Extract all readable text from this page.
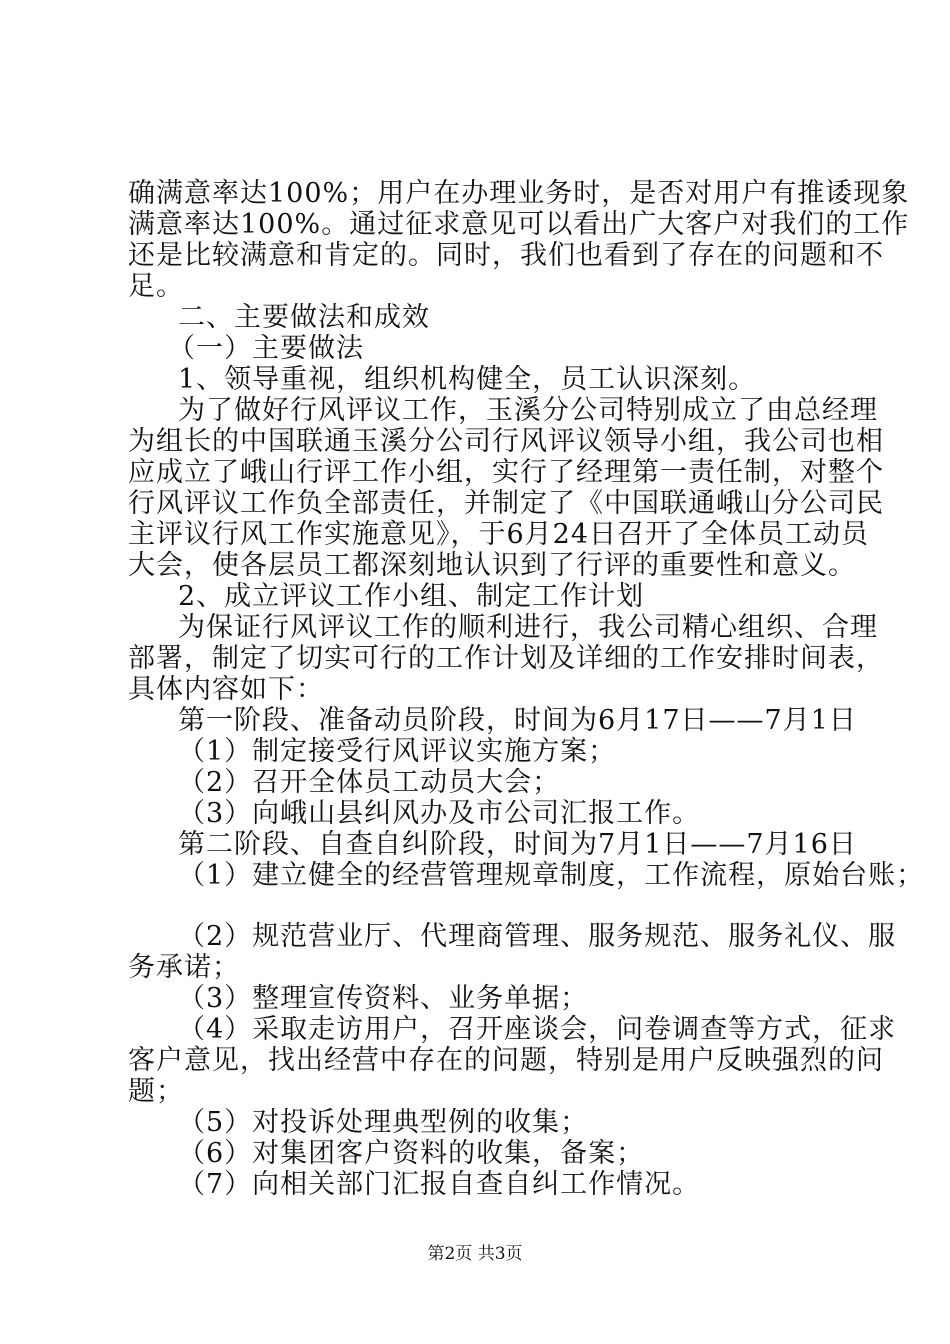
确满意率达100%；用户在办理业务时，是否对用户有推诿现象
满意率达100%。通过征求意见可以看出广大客户对我们的工作
还是比较满意和肯定的。同时，我们也看到了存在的问题和不
足。
二、主要做法和成效
（一）主要做法
1、领导重视，组织机构健全，员工认识深刻。
为了做好行风评议工作，玉溪分公司特别成立了由总经理
为组长的中国联通玉溪分公司行风评议领导小组，我公司也相
应成立了峨山行评工作小组，实行了经理第一责任制，对整个
行风评议工作负全部责任，并制定了《中国联通峨山分公司民
主评议行风工作实施意见》，于6月24日召开了全体员工动员
大会，使各层员工都深刻地认识到了行评的重要性和意义。
2、成立评议工作小组、制定工作计划
为保证行风评议工作的顺利进行，我公司精心组织、合理
部署，制定了切实可行的工作计划及详细的工作安排时间表，
具体内容如下：
第一阶段、准备动员阶段，时间为6月17日——7月1日
（1）制定接受行风评议实施方案；
（2）召开全体员工动员大会；
（3）向峨山县纠风办及市公司汇报工作。
第二阶段、自查自纠阶段，时间为7月1日——7月16日
（1）建立健全的经营管理规章制度，工作流程，原始台账；
（2）规范营业厅、代理商管理、服务规范、服务礼仪、服
务承诺；
（3）整理宣传资料、业务单据；
（4）采取走访用户，召开座谈会，问卷调查等方式，征求
客户意见，找出经营中存在的问题，特别是用户反映强烈的问
题；
（5）对投诉处理典型例的收集；
（6）对集团客户资料的收集，备案；
（7）向相关部门汇报自查自纠工作情况。
第2页 共3页
